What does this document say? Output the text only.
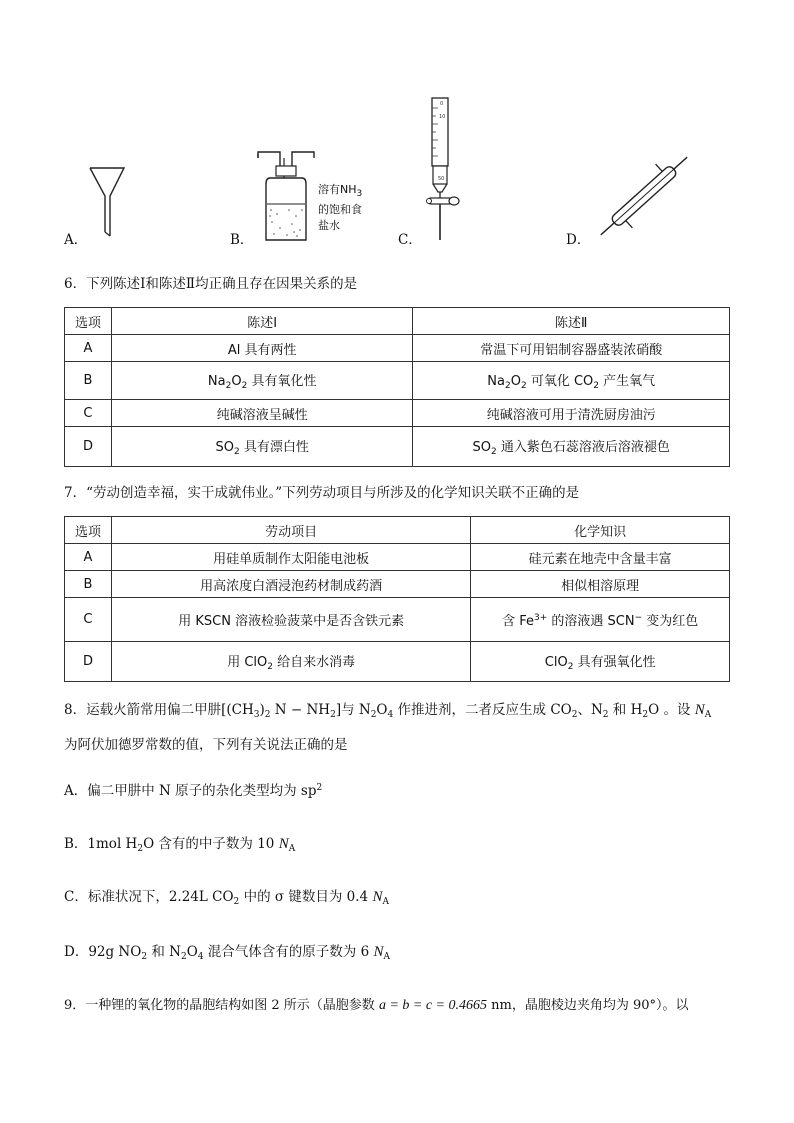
A．	B．
溶有$NH_3$
的饱和食
盐水
C．
0
10
50
D．
6．下列陈述Ⅰ和陈述Ⅱ均正确且存在因果关系的是
选项	陈述Ⅰ	陈述Ⅱ
A	Al 具有两性	常温下可用铝制容器盛装浓硝酸
B	$Na_2O_2$ 具有氧化性	$Na_2O_2$ 可氧化 $CO_2$ 产生氧气
C	纯碱溶液呈碱性	纯碱溶液可用于清洗厨房油污
D	$SO_2$ 具有漂白性	$SO_2$ 通入紫色石蕊溶液后溶液褪色
7．“劳动创造幸福，实干成就伟业。”下列劳动项目与所涉及的化学知识关联不正确的是
选项	劳动项目	化学知识
A	用硅单质制作太阳能电池板	硅元素在地壳中含量丰富
B	用高浓度白酒浸泡药材制成药酒	相似相溶原理
C	用 KSCN 溶液检验菠菜中是否含铁元素	含 $Fe^{3+}$ 的溶液遇 SCN− 变为红色
D	用 ClO$_2$ 给自来水消毒	ClO$_2$ 具有强氧化性
8．运载火箭常用偏二甲肼[$(CH_3)_2$ $N - NH_2$]与 $N_2O_4$ 作推进剂，二者反应生成 $CO_2$、$N_2$ 和 $H_2O$ 。设 $N_A$
为阿伏加德罗常数的值，下列有关说法正确的是
A．偏二甲肼中 N 原子的杂化类型均为 $sp^2$
B．1mol $H_2O$ 含有的中子数为 10 $N_A$
C．标准状况下，2.24L $CO_2$ 中的 σ 键数目为 0.4 $N_A$
D．92g $NO_2$ 和 $N_2O_4$ 混合气体含有的原子数为 6 $N_A$
9．一种锂的氧化物的晶胞结构如图 2 所示（晶胞参数 a = b = c = 0.4665 nm，晶胞棱边夹角均为 90°）。以
